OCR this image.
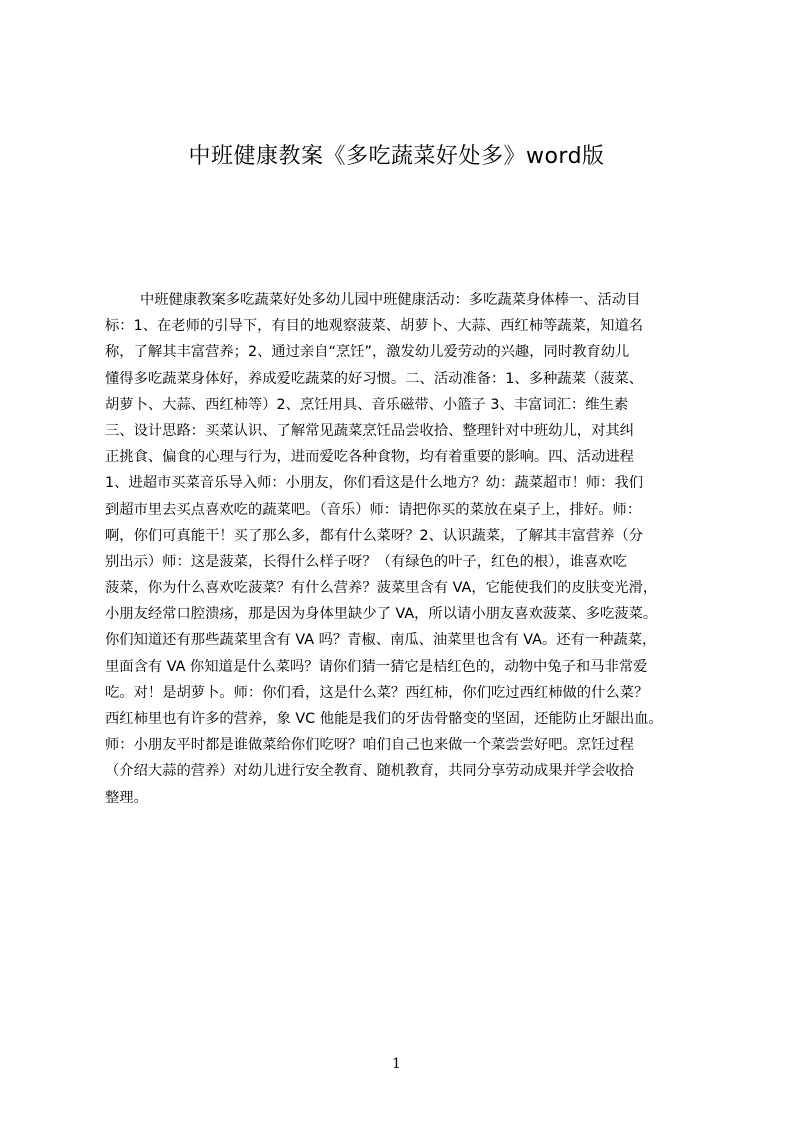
中班健康教案《多吃蔬菜好处多》word版
中班健康教案多吃蔬菜好处多幼儿园中班健康活动：多吃蔬菜身体棒一、活动目
标：1、在老师的引导下，有目的地观察菠菜、胡萝卜、大蒜、西红柿等蔬菜，知道名
称，了解其丰富营养；2、通过亲自“烹饪”，激发幼儿爱劳动的兴趣，同时教育幼儿
懂得多吃蔬菜身体好，养成爱吃蔬菜的好习惯。二、活动准备：1、多种蔬菜（菠菜、
胡萝卜、大蒜、西红柿等）2、烹饪用具、音乐磁带、小篮子 3、丰富词汇：维生素
三、设计思路：买菜认识、了解常见蔬菜烹饪品尝收拾、整理针对中班幼儿，对其纠
正挑食、偏食的心理与行为，进而爱吃各种食物，均有着重要的影响。四、活动进程
1、进超市买菜音乐导入师：小朋友，你们看这是什么地方？幼：蔬菜超市！师：我们
到超市里去买点喜欢吃的蔬菜吧。（音乐）师：请把你买的菜放在桌子上，排好。师：
啊，你们可真能干！买了那么多，都有什么菜呀？2、认识蔬菜，了解其丰富营养（分
别出示）师：这是菠菜，长得什么样子呀？（有绿色的叶子，红色的根），谁喜欢吃
菠菜，你为什么喜欢吃菠菜？有什么营养？菠菜里含有 VA，它能使我们的皮肤变光滑，
小朋友经常口腔溃疡，那是因为身体里缺少了 VA，所以请小朋友喜欢菠菜、多吃菠菜。
你们知道还有那些蔬菜里含有 VA 吗？青椒、南瓜、油菜里也含有 VA。还有一种蔬菜，
里面含有 VA 你知道是什么菜吗？请你们猜一猜它是桔红色的，动物中兔子和马非常爱
吃。对！是胡萝卜。师：你们看，这是什么菜？西红柿，你们吃过西红柿做的什么菜？
西红柿里也有许多的营养，象 VC 他能是我们的牙齿骨骼变的坚固，还能防止牙龈出血。
师：小朋友平时都是谁做菜给你们吃呀？咱们自己也来做一个菜尝尝好吧。烹饪过程
（介绍大蒜的营养）对幼儿进行安全教育、随机教育，共同分享劳动成果并学会收拾
整理。
1
